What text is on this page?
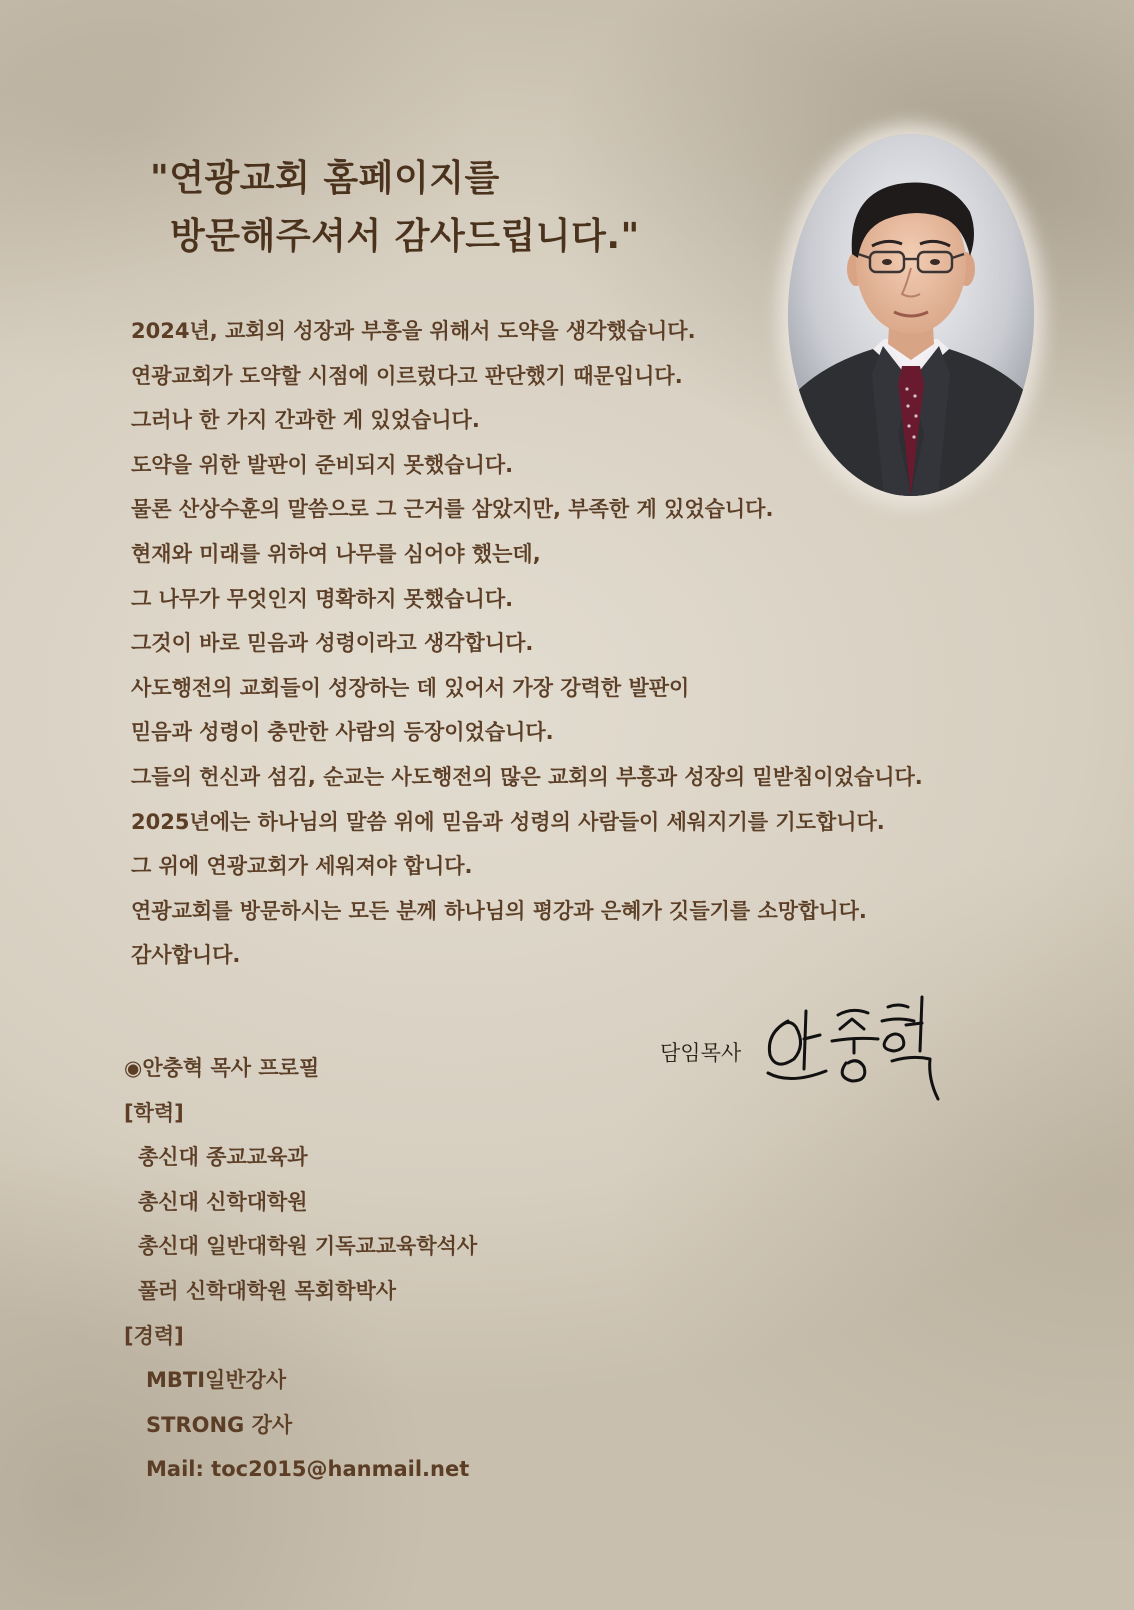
"연광교회 홈페이지를
방문해주셔서 감사드립니다."
2024년, 교회의 성장과 부흥을 위해서 도약을 생각했습니다.
연광교회가 도약할 시점에 이르렀다고 판단했기 때문입니다.
그러나 한 가지 간과한 게 있었습니다.
도약을 위한 발판이 준비되지 못했습니다.
물론 산상수훈의 말씀으로 그 근거를 삼았지만, 부족한 게 있었습니다.
현재와 미래를 위하여 나무를 심어야 했는데,
그 나무가 무엇인지 명확하지 못했습니다.
그것이 바로 믿음과 성령이라고 생각합니다.
사도행전의 교회들이 성장하는 데 있어서 가장 강력한 발판이
믿음과 성령이 충만한 사람의 등장이었습니다.
그들의 헌신과 섬김, 순교는 사도행전의 많은 교회의 부흥과 성장의 밑받침이었습니다.
2025년에는 하나님의 말씀 위에 믿음과 성령의 사람들이 세워지기를 기도합니다.
그 위에 연광교회가 세워져야 합니다.
연광교회를 방문하시는 모든 분께 하나님의 평강과 은혜가 깃들기를 소망합니다.
감사합니다.
담임목사
◉안충혁 목사 프로필
[학력]
총신대 종교교육과
총신대 신학대학원
총신대 일반대학원 기독교교육학석사
풀러 신학대학원 목회학박사
[경력]
MBTI일반강사
STRONG 강사
Mail: toc2015@hanmail.net
